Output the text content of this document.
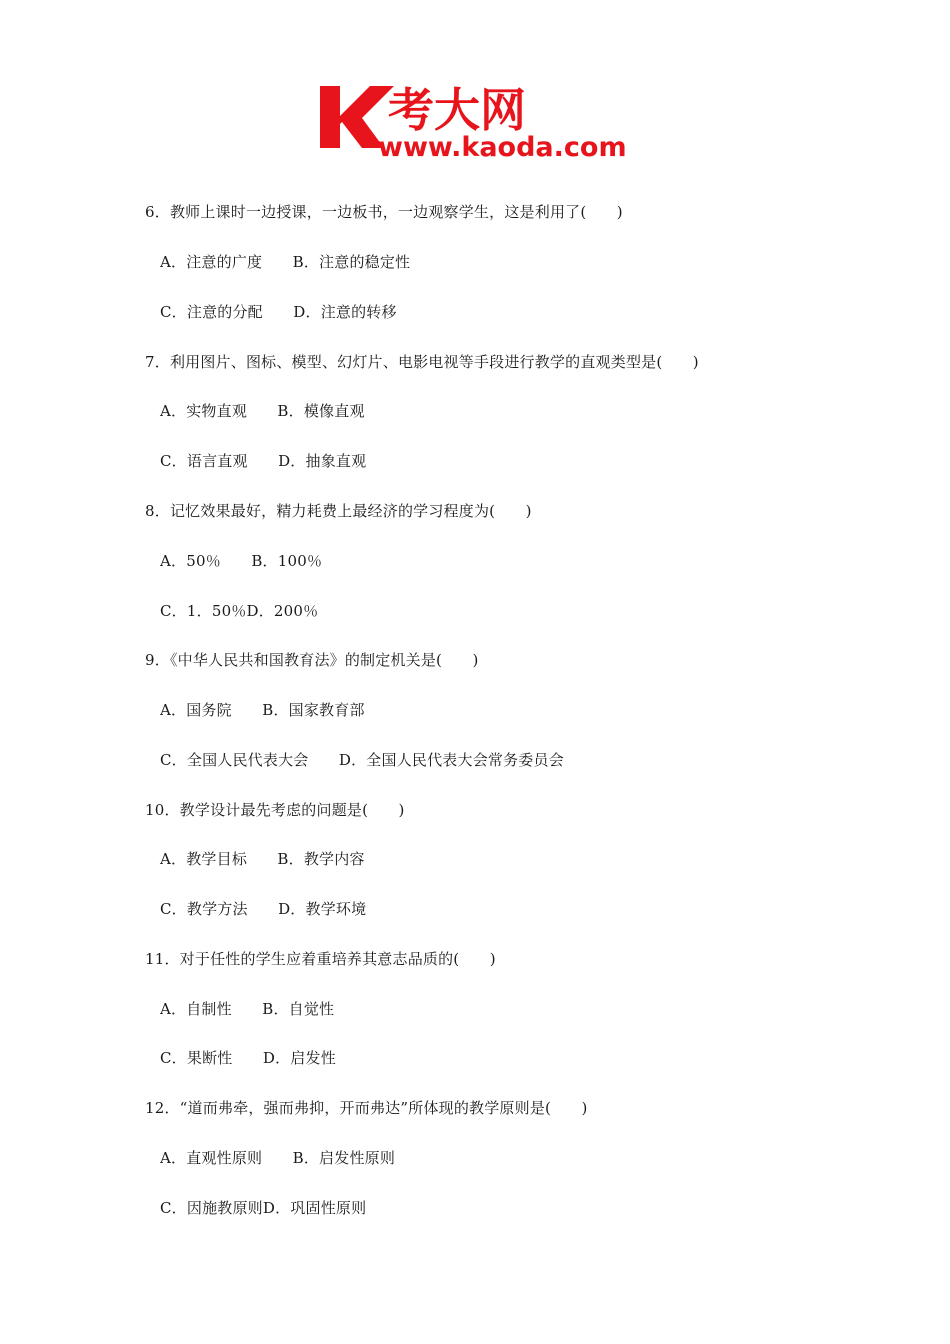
考大网
www.kaoda.com
6．教师上课时一边授课，一边板书，一边观察学生，这是利用了(　　)
A．注意的广度　　B．注意的稳定性
C．注意的分配　　D．注意的转移
7．利用图片、图标、模型、幻灯片、电影电视等手段进行教学的直观类型是(　　)
A．实物直观　　B．模像直观
C．语言直观　　D．抽象直观
8．记忆效果最好，精力耗费上最经济的学习程度为(　　)
A．50％　　B．100％
C．1．50％D．200％
9．《中华人民共和国教育法》的制定机关是(　　)
A．国务院　　B．国家教育部
C．全国人民代表大会　　D．全国人民代表大会常务委员会
10．教学设计最先考虑的问题是(　　)
A．教学目标　　B．教学内容
C．教学方法　　D．教学环境
11．对于任性的学生应着重培养其意志品质的(　　)
A．自制性　　B．自觉性
C．果断性　　D．启发性
12．“道而弗牵，强而弗抑，开而弗达”所体现的教学原则是(　　)
A．直观性原则　　B．启发性原则
C．因施教原则D．巩固性原则
